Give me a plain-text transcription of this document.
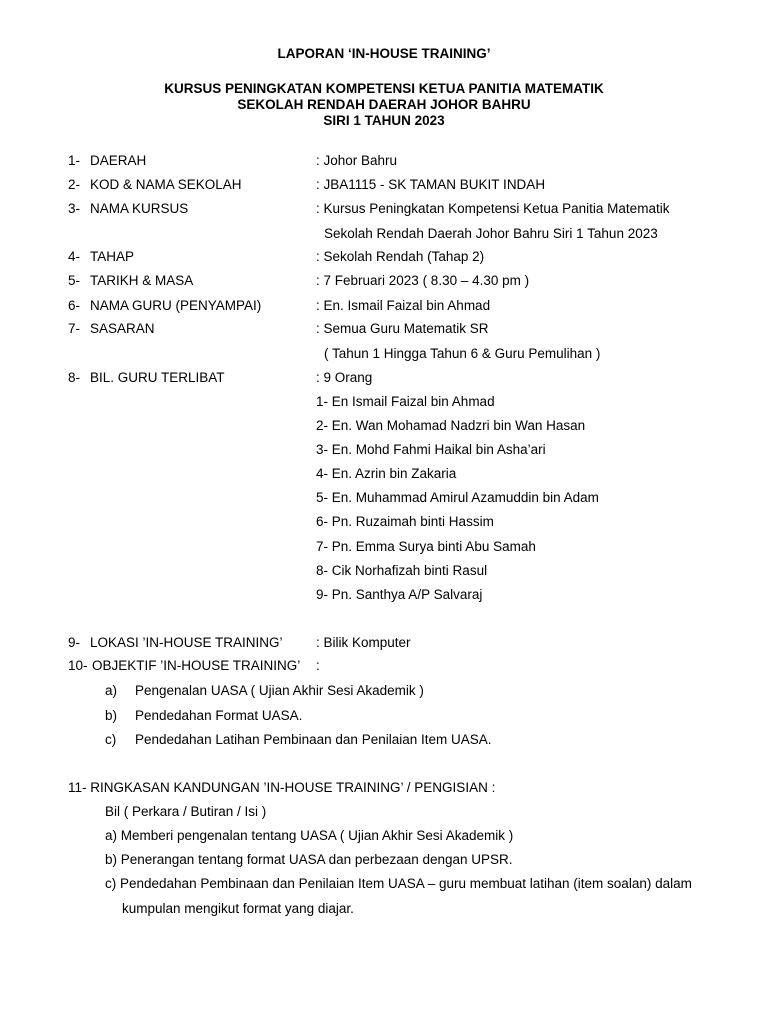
LAPORAN ‘IN-HOUSE TRAINING’
KURSUS PENINGKATAN KOMPETENSI KETUA PANITIA MATEMATIK
SEKOLAH RENDAH DAERAH JOHOR BAHRU
SIRI 1 TAHUN 2023
1- DAERAH	: Johor Bahru
2- KOD & NAMA SEKOLAH	: JBA1115 - SK TAMAN BUKIT INDAH
3- NAMA KURSUS	: Kursus Peningkatan Kompetensi Ketua Panitia Matematik
Sekolah Rendah Daerah Johor Bahru Siri 1 Tahun 2023
4- TAHAP	: Sekolah Rendah (Tahap 2)
5- TARIKH & MASA	: 7 Februari 2023 ( 8.30 – 4.30 pm )
6- NAMA GURU (PENYAMPAI)	: En. Ismail Faizal bin Ahmad
7- SASARAN	: Semua Guru Matematik SR
( Tahun 1 Hingga Tahun 6 & Guru Pemulihan )
8- BIL. GURU TERLIBAT	: 9 Orang
1- En Ismail Faizal bin Ahmad
2- En. Wan Mohamad Nadzri bin Wan Hasan
3- En. Mohd Fahmi Haikal bin Asha’ari
4- En. Azrin bin Zakaria
5- En. Muhammad Amirul Azamuddin bin Adam
6- Pn. Ruzaimah binti Hassim
7- Pn. Emma Surya binti Abu Samah
8- Cik Norhafizah binti Rasul
9- Pn. Santhya A/P Salvaraj
9- LOKASI ’IN-HOUSE TRAINING’ : Bilik Komputer
10- OBJEKTIF ’IN-HOUSE TRAINING’ :
a) Pengenalan UASA ( Ujian Akhir Sesi Akademik )
b) Pendedahan Format UASA.
c) Pendedahan Latihan Pembinaan dan Penilaian Item UASA.
11- RINGKASAN KANDUNGAN ’IN-HOUSE TRAINING’ / PENGISIAN :
Bil ( Perkara / Butiran / Isi )
a) Memberi pengenalan tentang UASA ( Ujian Akhir Sesi Akademik )
b) Penerangan tentang format UASA dan perbezaan dengan UPSR.
c) Pendedahan Pembinaan dan Penilaian Item UASA – guru membuat latihan (item soalan) dalam
kumpulan mengikut format yang diajar.
